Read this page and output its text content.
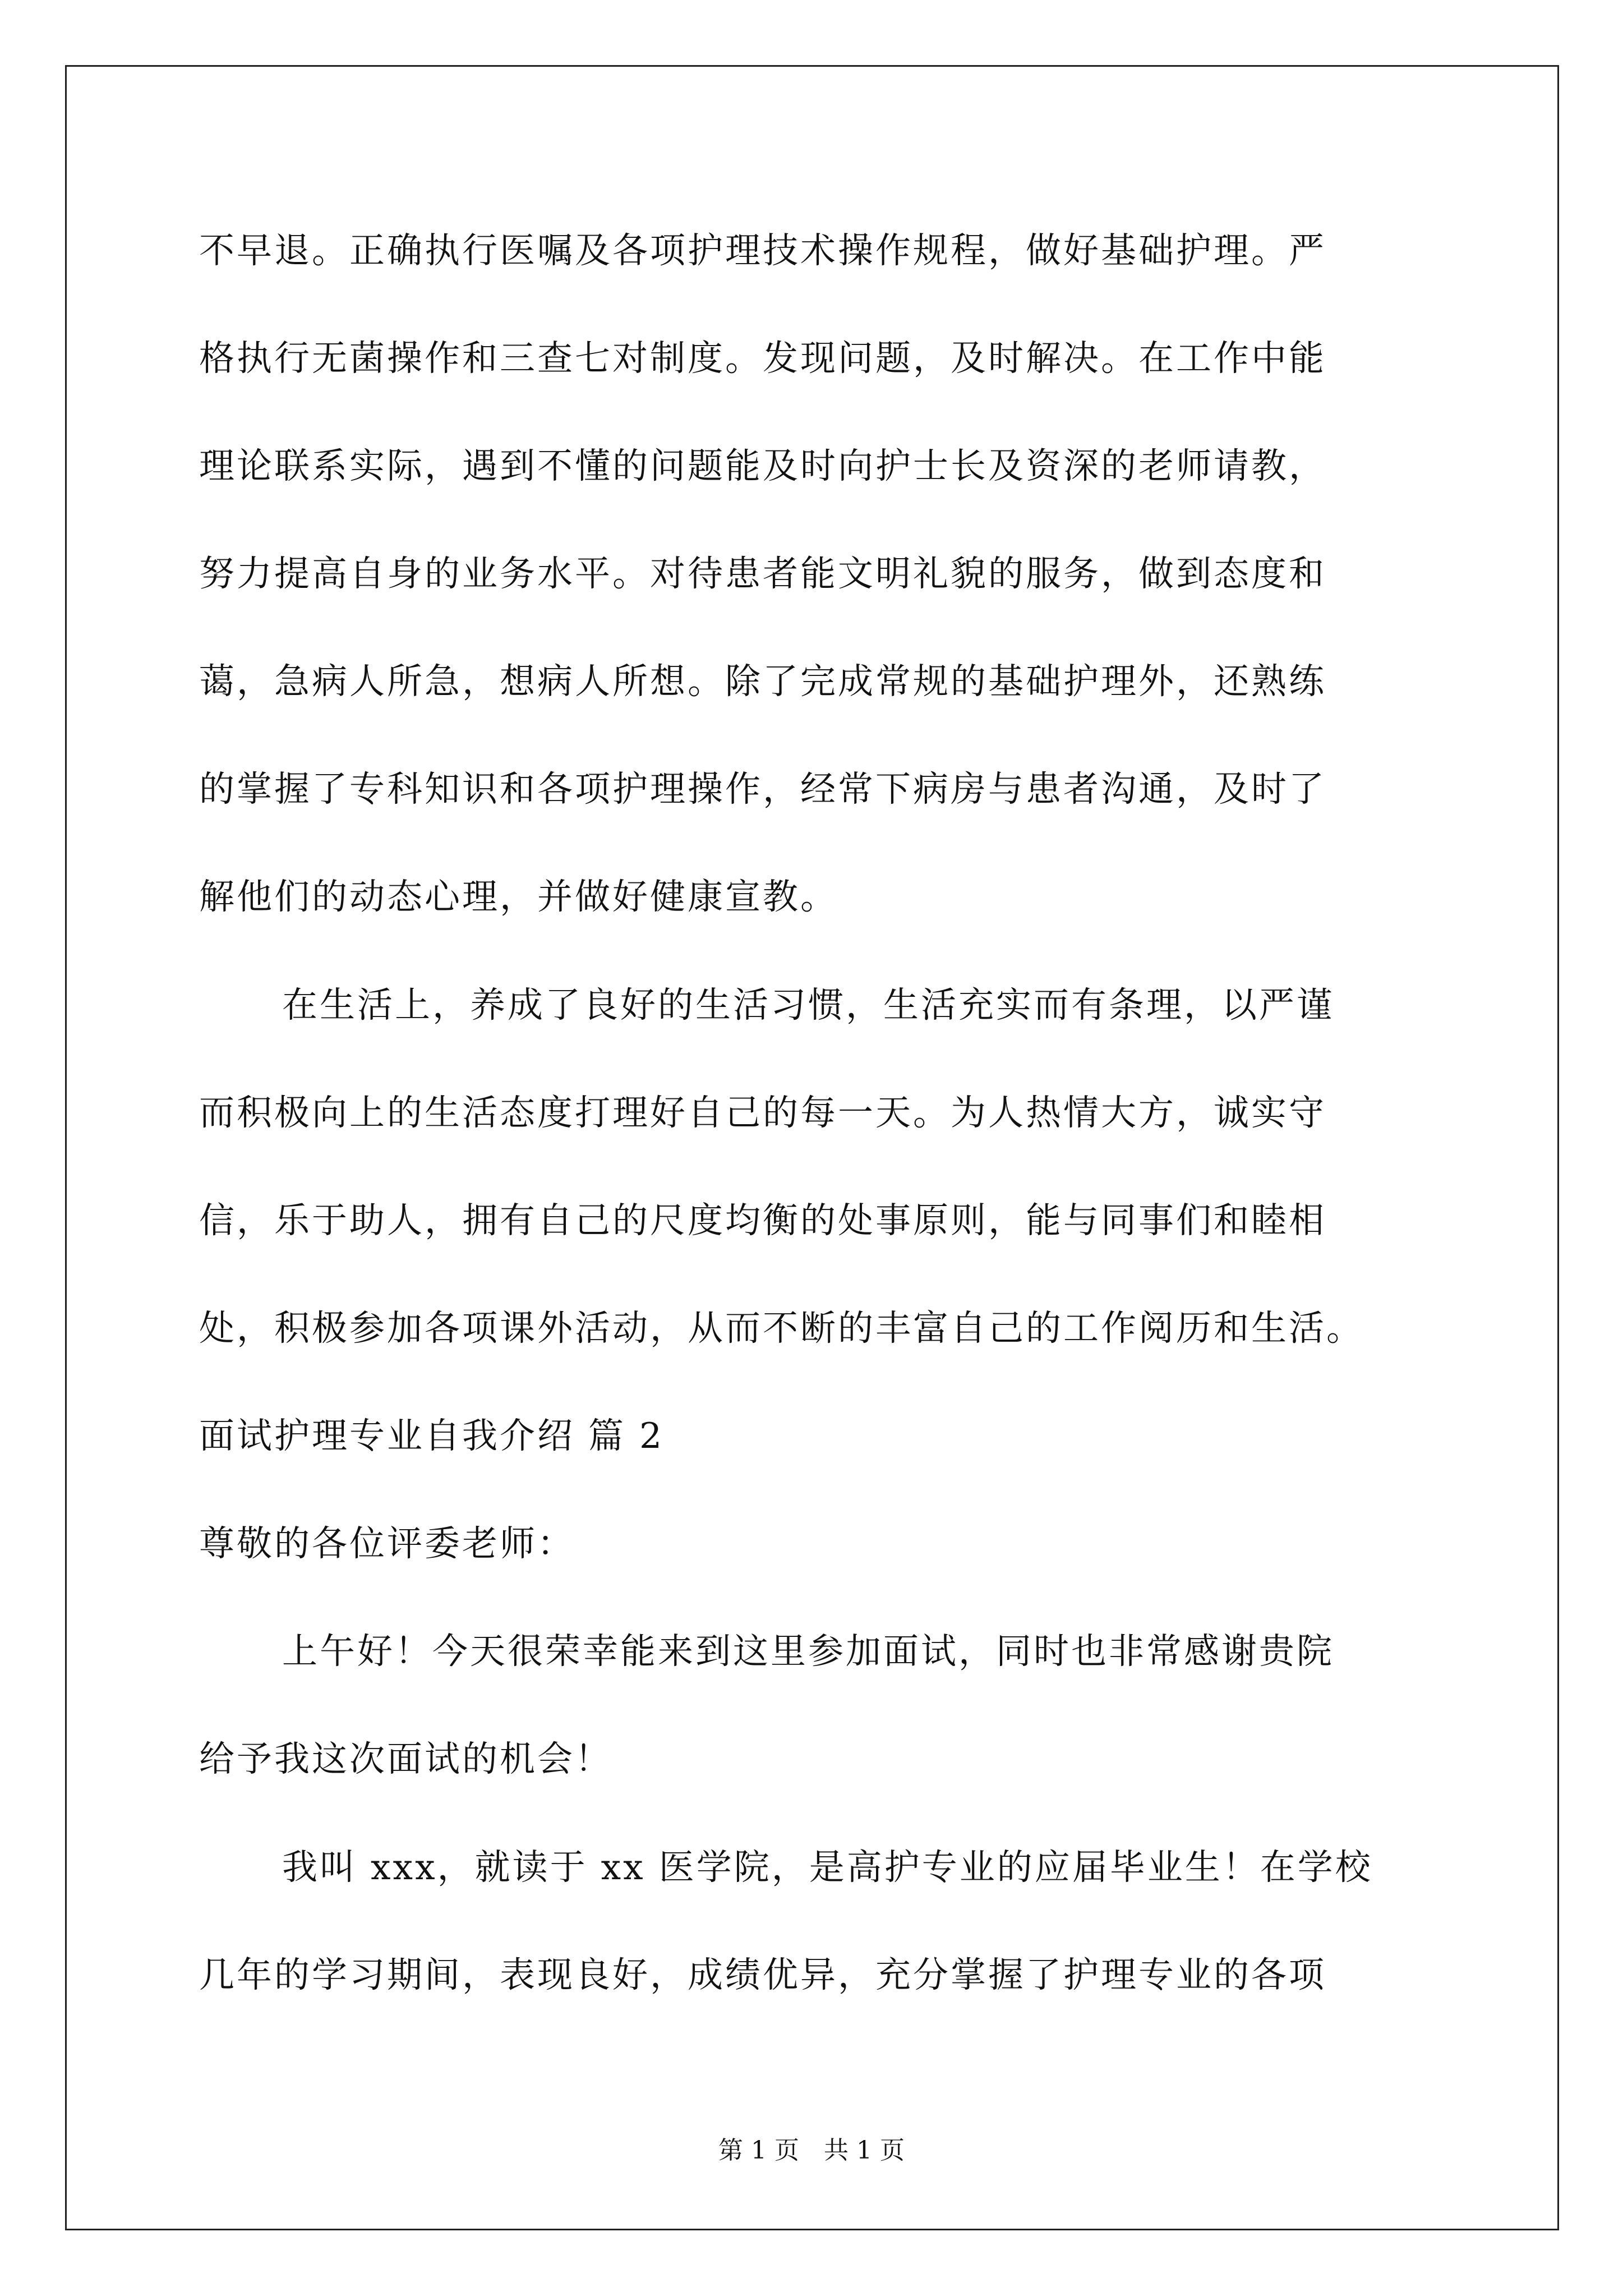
不早退。正确执行医嘱及各项护理技术操作规程，做好基础护理。严
格执行无菌操作和三查七对制度。发现问题，及时解决。在工作中能
理论联系实际，遇到不懂的问题能及时向护士长及资深的老师请教，
努力提高自身的业务水平。对待患者能文明礼貌的服务，做到态度和
蔼，急病人所急，想病人所想。除了完成常规的基础护理外，还熟练
的掌握了专科知识和各项护理操作，经常下病房与患者沟通，及时了
解他们的动态心理，并做好健康宣教。
在生活上，养成了良好的生活习惯，生活充实而有条理，以严谨
而积极向上的生活态度打理好自己的每一天。为人热情大方，诚实守
信，乐于助人，拥有自己的尺度均衡的处事原则，能与同事们和睦相
处，积极参加各项课外活动，从而不断的丰富自己的工作阅历和生活。
面试护理专业自我介绍 篇 2
尊敬的各位评委老师：
上午好！今天很荣幸能来到这里参加面试，同时也非常感谢贵院
给予我这次面试的机会！
我叫 xxx，就读于 xx 医学院，是高护专业的应届毕业生！在学校
几年的学习期间，表现良好，成绩优异，充分掌握了护理专业的各项
第 1 页　共 1 页
